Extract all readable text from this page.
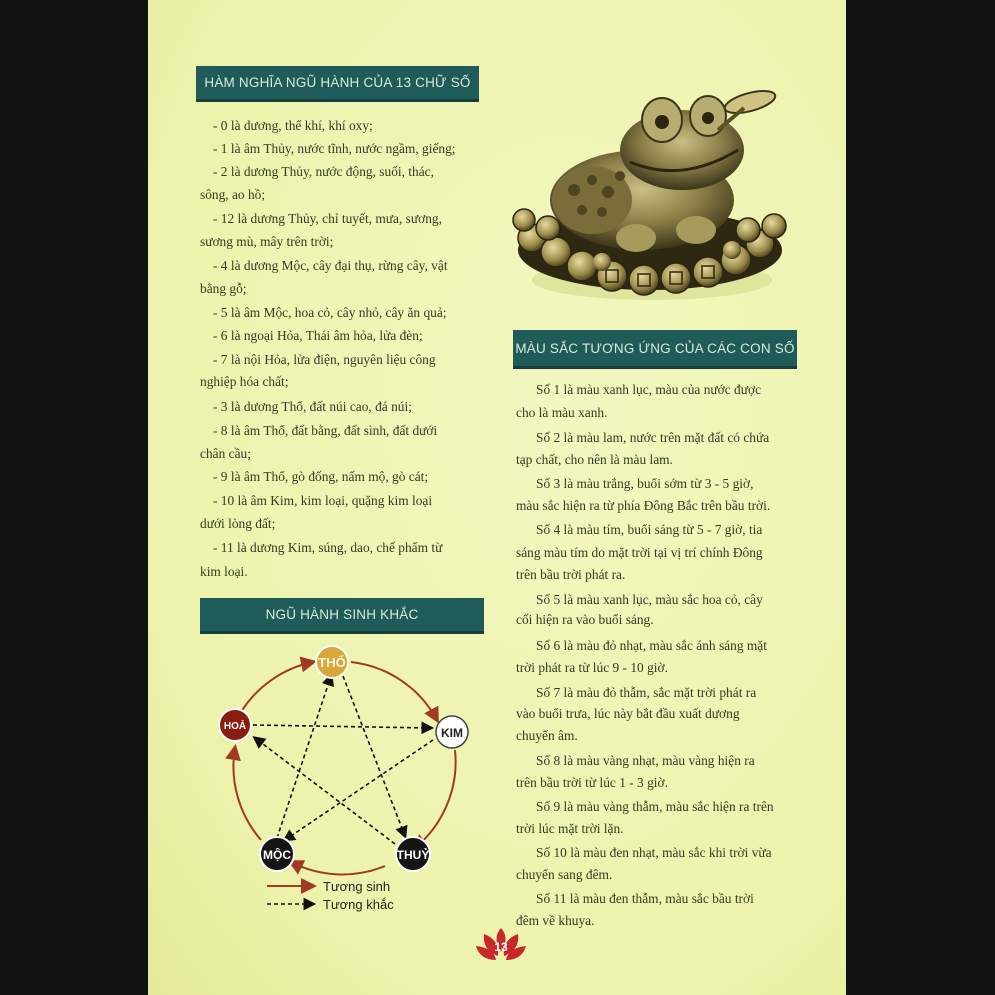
HÀM NGHĨA NGŨ HÀNH CỦA 13 CHỮ SỐ

- 0 là dương, thể khí, khí oxy;

- 1 là âm Thủy, nước tĩnh, nước ngầm, giếng;

- 2 là dương Thủy, nước động, suối, thác,

sông, ao hồ;

- 12 là dương Thủy, chỉ tuyết, mưa, sương,

sương mù, mây trên trời;

- 4 là dương Mộc, cây đại thụ, rừng cây, vật

bằng gỗ;

- 5 là âm Mộc, hoa cỏ, cây nhỏ, cây ăn quả;

- 6 là ngoại Hỏa, Thái âm hỏa, lửa đèn;

- 7 là nội Hỏa, lửa điện, nguyên liệu công

nghiệp hóa chất;

- 3 là dương Thổ, đất núi cao, đá núi;

- 8 là âm Thổ, đất bằng, đất sình, đất dưới

chân cầu;

- 9 là âm Thổ, gò đống, nấm mộ, gò cát;

- 10 là âm Kim, kim loại, quặng kim loại

dưới lòng đất;

- 11 là dương Kim, súng, dao, chế phẩm từ

kim loại.

MÀU SẮC TƯƠNG ỨNG CỦA CÁC CON SỐ

Số 1 là màu xanh lục, màu của nước được

cho là màu xanh.

Số 2 là màu lam, nước trên mặt đất có chứa

tạp chất, cho nên là màu lam.

Số 3 là màu trắng, buổi sớm từ 3 - 5 giờ,

màu sắc hiện ra từ phía Đông Bắc trên bầu trời.

Số 4 là màu tím, buổi sáng từ 5 - 7 giờ, tia

sáng màu tím do mặt trời tại vị trí chính Đông

trên bầu trời phát ra.

Số 5 là màu xanh lục, màu sắc hoa cỏ, cây

cối hiện ra vào buổi sáng.

Số 6 là màu đỏ nhạt, màu sắc ánh sáng mặt

trời phát ra từ lúc 9 - 10 giờ.

Số 7 là màu đỏ thẫm, sắc mặt trời phát ra

vào buổi trưa, lúc này bắt đầu xuất dương

chuyển âm.

Số 8 là màu vàng nhạt, màu vàng hiện ra

trên bầu trời từ lúc 1 - 3 giờ.

Số 9 là màu vàng thẫm, màu sắc hiện ra trên

trời lúc mặt trời lặn.

Số 10 là màu đen nhạt, màu sắc khi trời vừa

chuyển sang đêm.

Số 11 là màu đen thẫm, màu sắc bầu trời

đêm về khuya.

NGŨ HÀNH SINH KHẮC
THỔ
KIM
THUỶ
MỘC
HOẢ
Tương sinh
Tương khắc
13
